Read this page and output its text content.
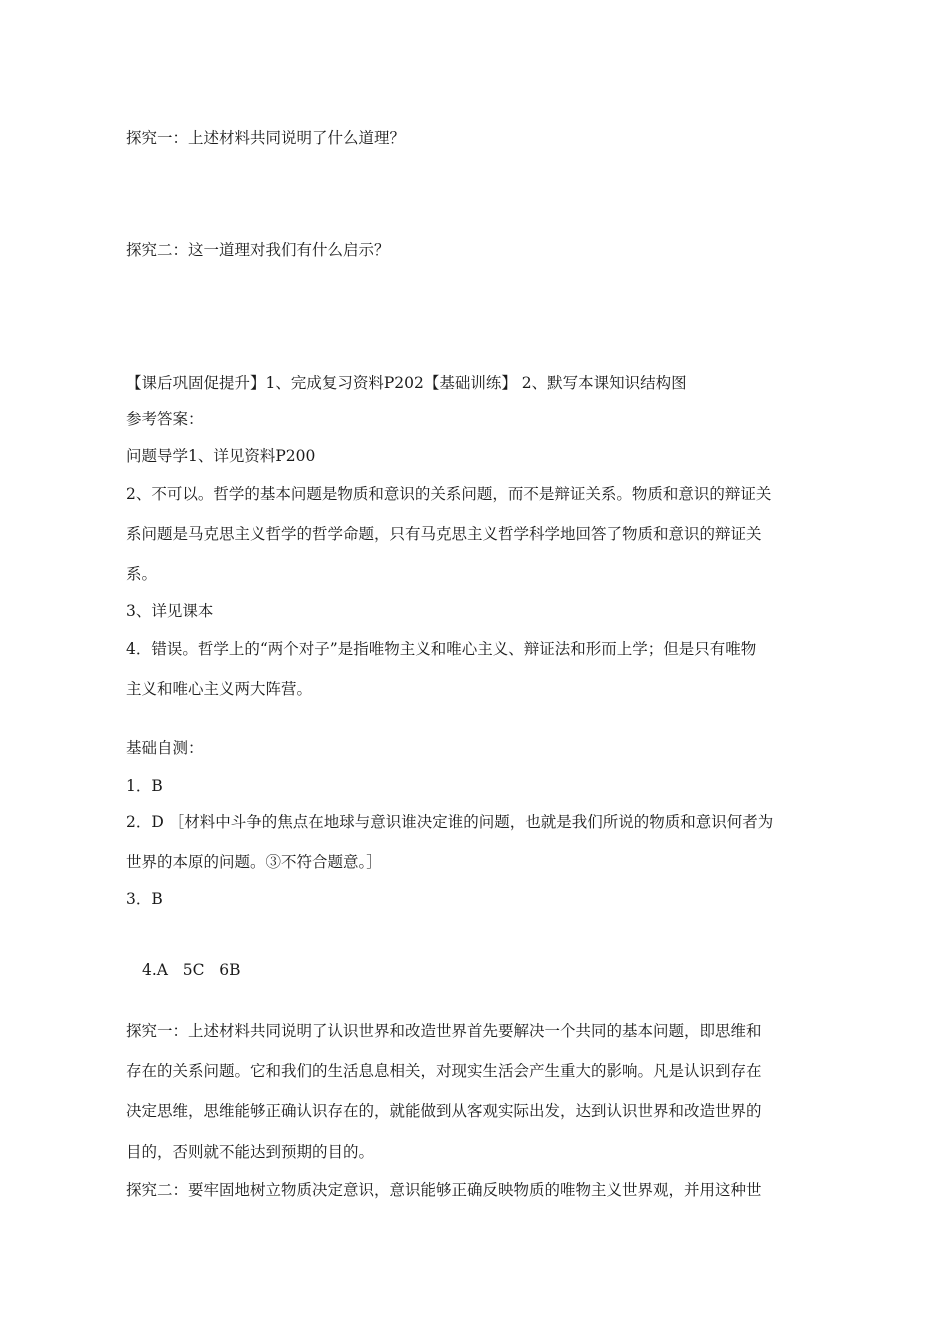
探究一：上述材料共同说明了什么道理？
探究二：这一道理对我们有什么启示？
【课后巩固促提升】1、完成复习资料P202【基础训练】 2、默写本课知识结构图
参考答案：
问题导学1、详见资料P200
2、不可以。哲学的基本问题是物质和意识的关系问题，而不是辩证关系。物质和意识的辩证关
系问题是马克思主义哲学的哲学命题，只有马克思主义哲学科学地回答了物质和意识的辩证关
系。
3、详见课本
4．错误。哲学上的“两个对子”是指唯物主义和唯心主义、辩证法和形而上学；但是只有唯物
主义和唯心主义两大阵营。
基础自测：
1．B
2．D ［材料中斗争的焦点在地球与意识谁决定谁的问题，也就是我们所说的物质和意识何者为
世界的本原的问题。③不符合题意。］
3．B
4.A   5C   6B
探究一：上述材料共同说明了认识世界和改造世界首先要解决一个共同的基本问题，即思维和
存在的关系问题。它和我们的生活息息相关，对现实生活会产生重大的影响。凡是认识到存在
决定思维，思维能够正确认识存在的，就能做到从客观实际出发，达到认识世界和改造世界的
目的，否则就不能达到预期的目的。
探究二：要牢固地树立物质决定意识，意识能够正确反映物质的唯物主义世界观，并用这种世
